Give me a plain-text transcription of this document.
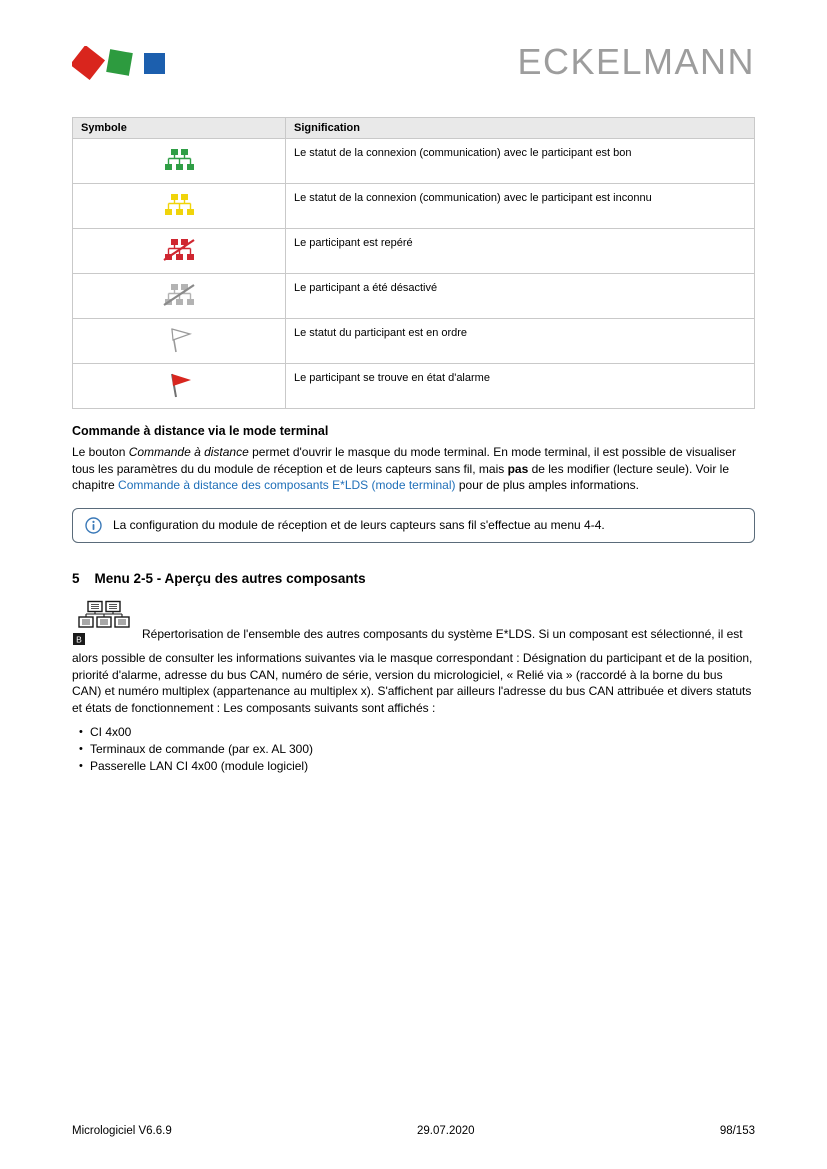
ECKELMANN
Symbole	Signification
	Le statut de la connexion (communication) avec le participant est bon
	Le statut de la connexion (communication) avec le participant est inconnu
	Le participant est repéré
	Le participant a été désactivé
	Le statut du participant est en ordre
	Le participant se trouve en état d'alarme
Commande à distance via le mode terminal

Le bouton Commande à distance permet d'ouvrir le masque du mode terminal. En mode terminal, il est possible de visualiser tous les paramètres du du module de réception et de leurs capteurs sans fil, mais pas de les modifier (lecture seule). Voir le chapitre Commande à distance des composants E*LDS (mode terminal) pour de plus amples informations.

La configuration du module de réception et de leurs capteurs sans fil s'effectue au menu 4-4.
5 Menu 2-5 - Aperçu des autres composants

B	Répertorisation de l'ensemble des autres composants du système E*LDS. Si un composant est sélectionné, il est alors possible de consulter les informations suivantes via le masque correspondant : Désignation du participant et de la position, priorité d'alarme, adresse du bus CAN, numéro de série, version du micrologiciel, « Relié via » (raccordé à la borne du bus CAN) et numéro multiplex (appartenance au multiplex x). S'affichent par ailleurs l'adresse du bus CAN attribuée et divers statuts et états de fonctionnement : Les composants suivants sont affichés :

• CI 4x00
• Terminaux de commande (par ex. AL 300)
• Passerelle LAN CI 4x00 (module logiciel)
Micrologiciel V6.6.9	29.07.2020	98/153
